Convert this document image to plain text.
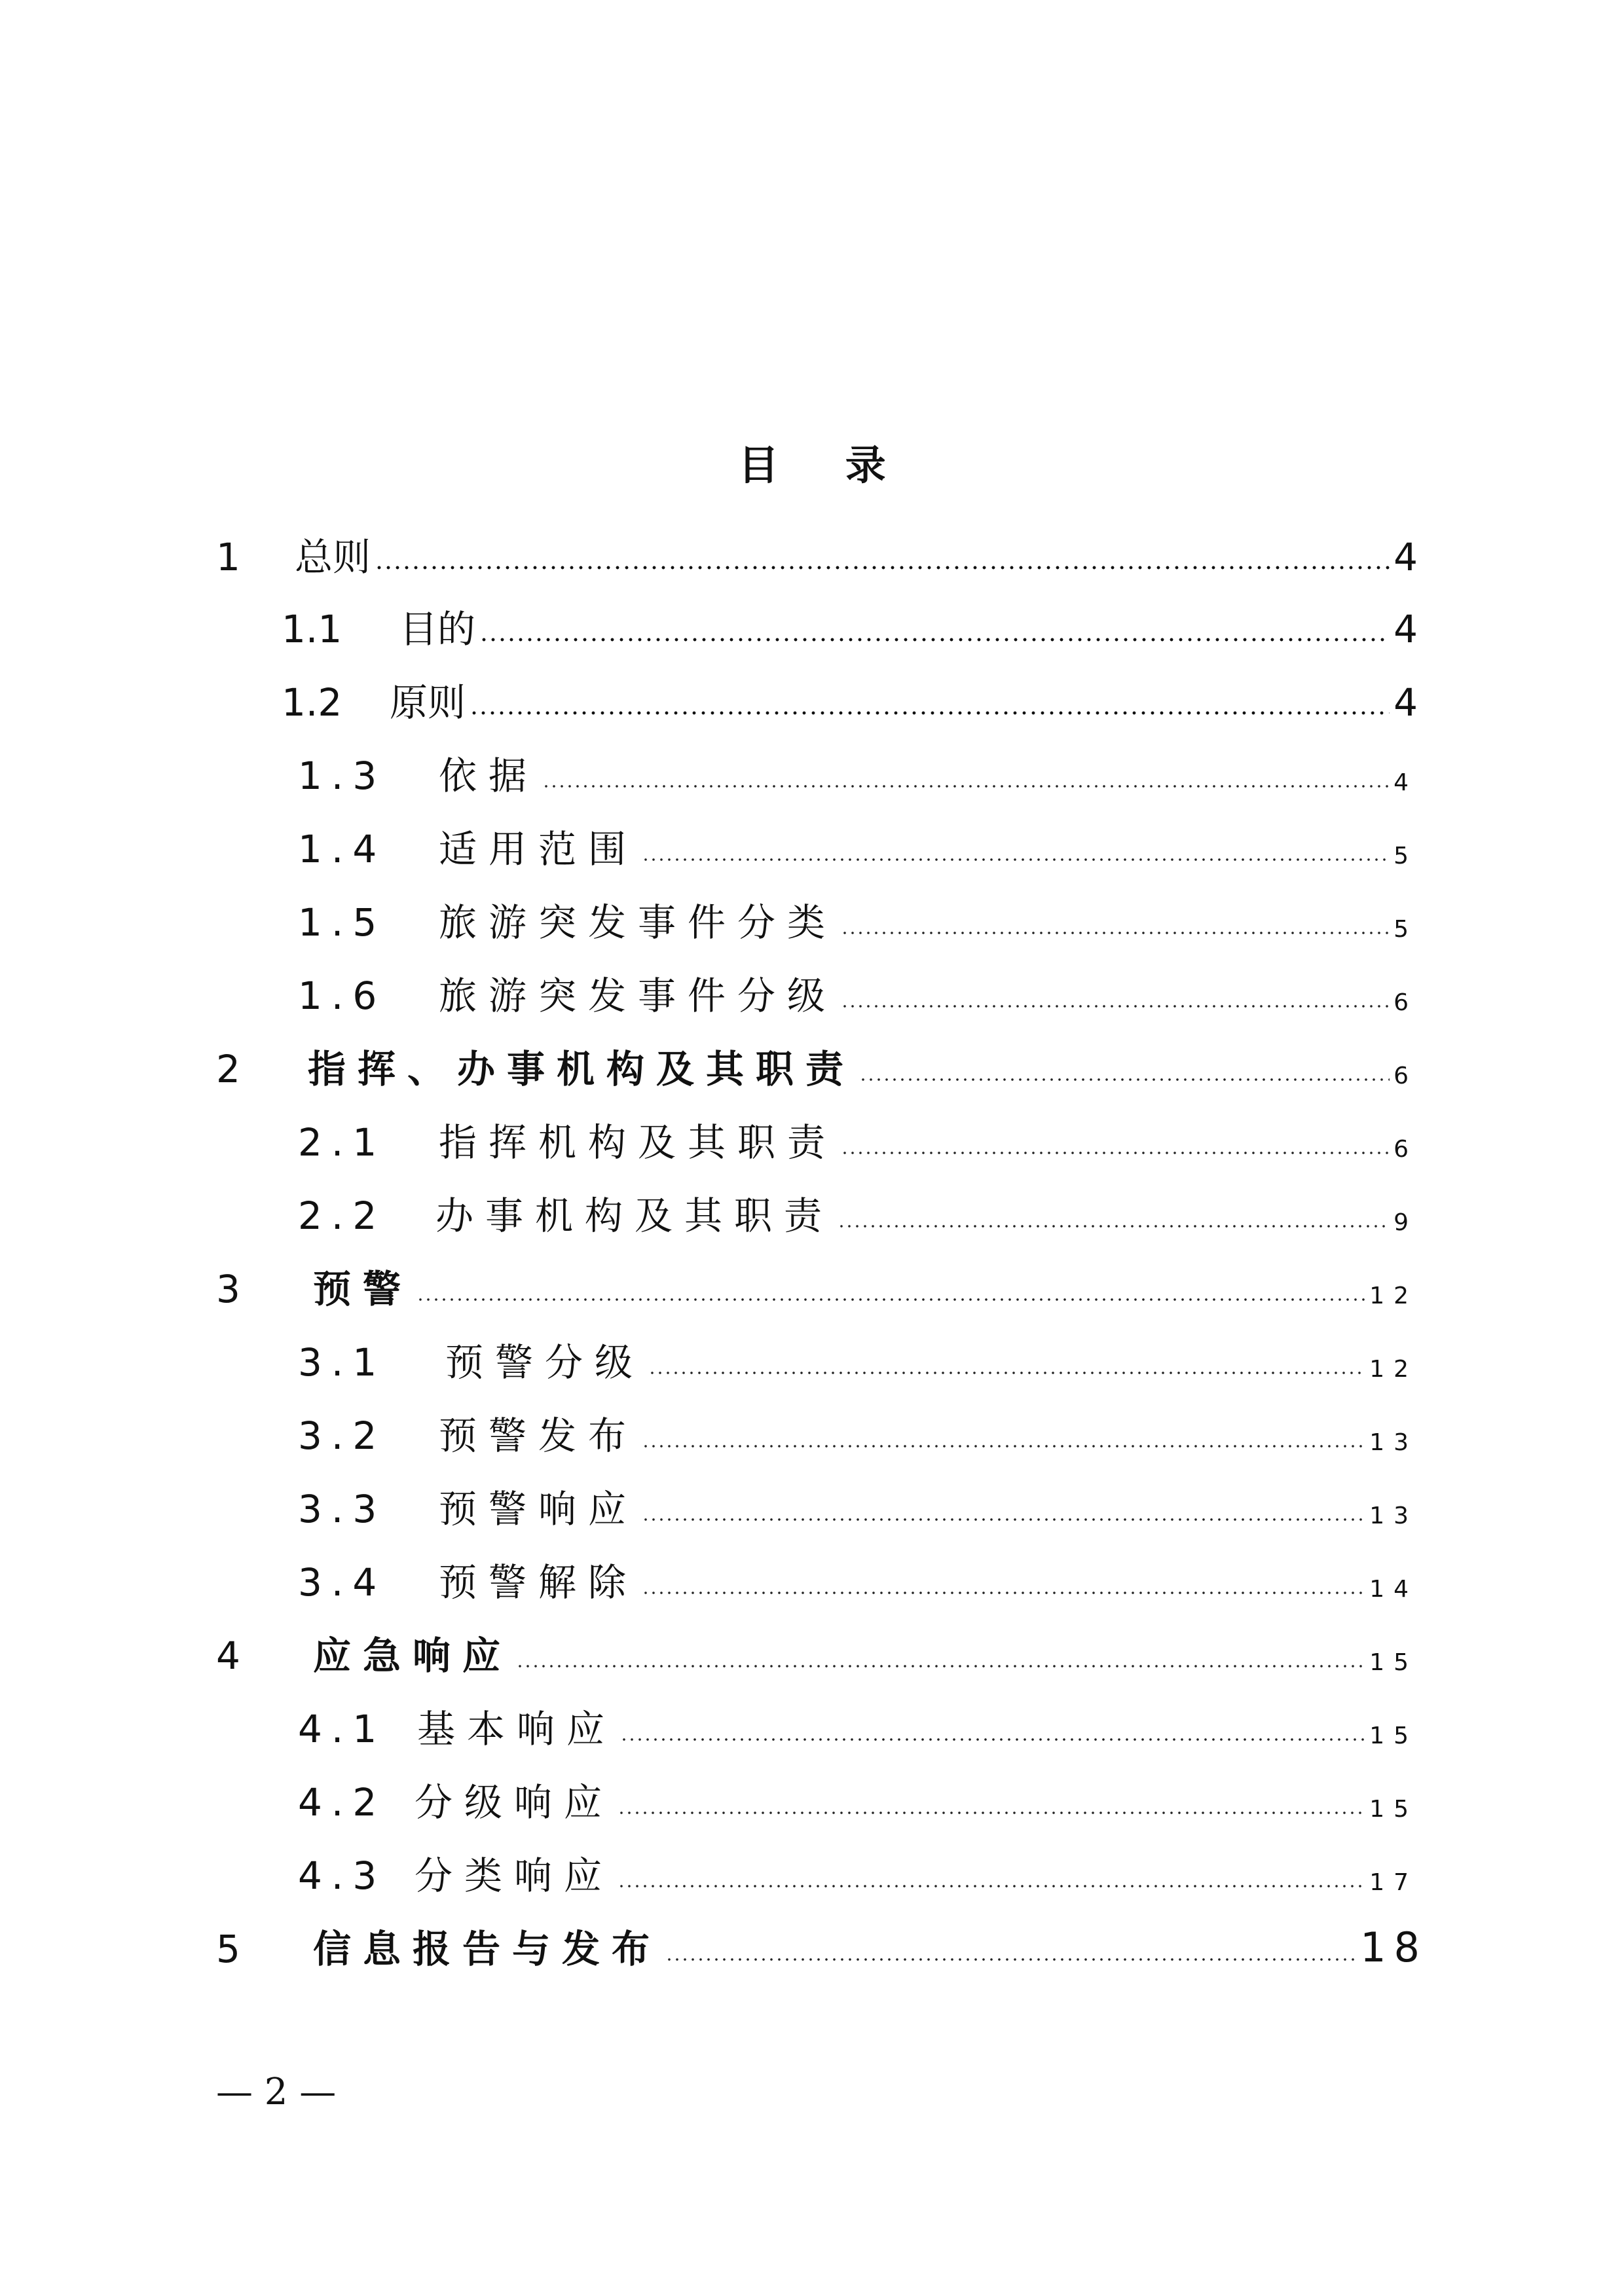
目 录
1	总则	4
1.1	目的	4
1.2	原则	4
1.3	依据	4
1.4	适用范围	5
1.5	旅游突发事件分类	5
1.6	旅游突发事件分级	6
2	指挥、办事机构及其职责	6
2.1	指挥机构及其职责	6
2.2	办事机构及其职责	9
3	预警	12
3.1	预警分级	12
3.2	预警发布	13
3.3	预警响应	13
3.4	预警解除	14
4	应急响应	15
4.1 基本响应	15
4.2 分级响应	15
4.3 分类响应	17
5	信息报告与发布	18
— 2 —
